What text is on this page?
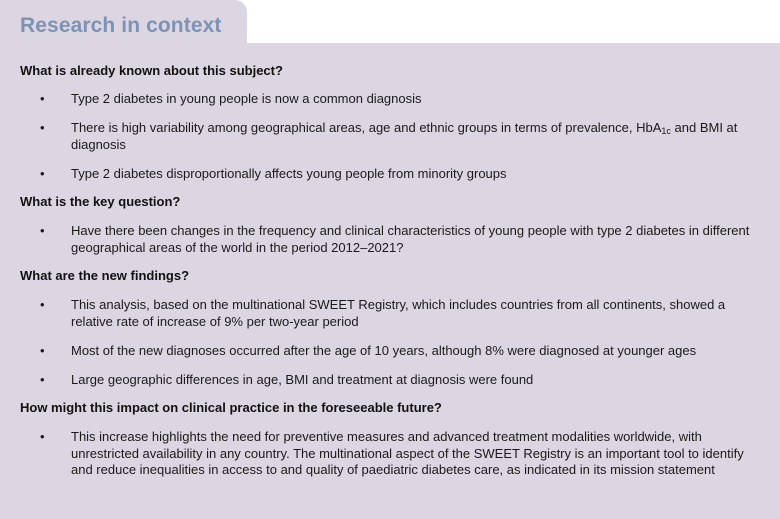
Research in context
What is already known about this subject?
• Type 2 diabetes in young people is now a common diagnosis
• There is high variability among geographical areas, age and ethnic groups in terms of prevalence, HbA$_{1c}$ and BMI at diagnosis
• Type 2 diabetes disproportionally affects young people from minority groups
What is the key question?
• Have there been changes in the frequency and clinical characteristics of young people with type 2 diabetes in different geographical areas of the world in the period 2012–2021?
What are the new findings?
• This analysis, based on the multinational SWEET Registry, which includes countries from all continents, showed a relative rate of increase of 9% per two-year period
• Most of the new diagnoses occurred after the age of 10 years, although 8% were diagnosed at younger ages
• Large geographic differences in age, BMI and treatment at diagnosis were found
How might this impact on clinical practice in the foreseeable future?
• This increase highlights the need for preventive measures and advanced treatment modalities worldwide, with unrestricted availability in any country. The multinational aspect of the SWEET Registry is an important tool to identify and reduce inequalities in access to and quality of paediatric diabetes care, as indicated in its mission statement
